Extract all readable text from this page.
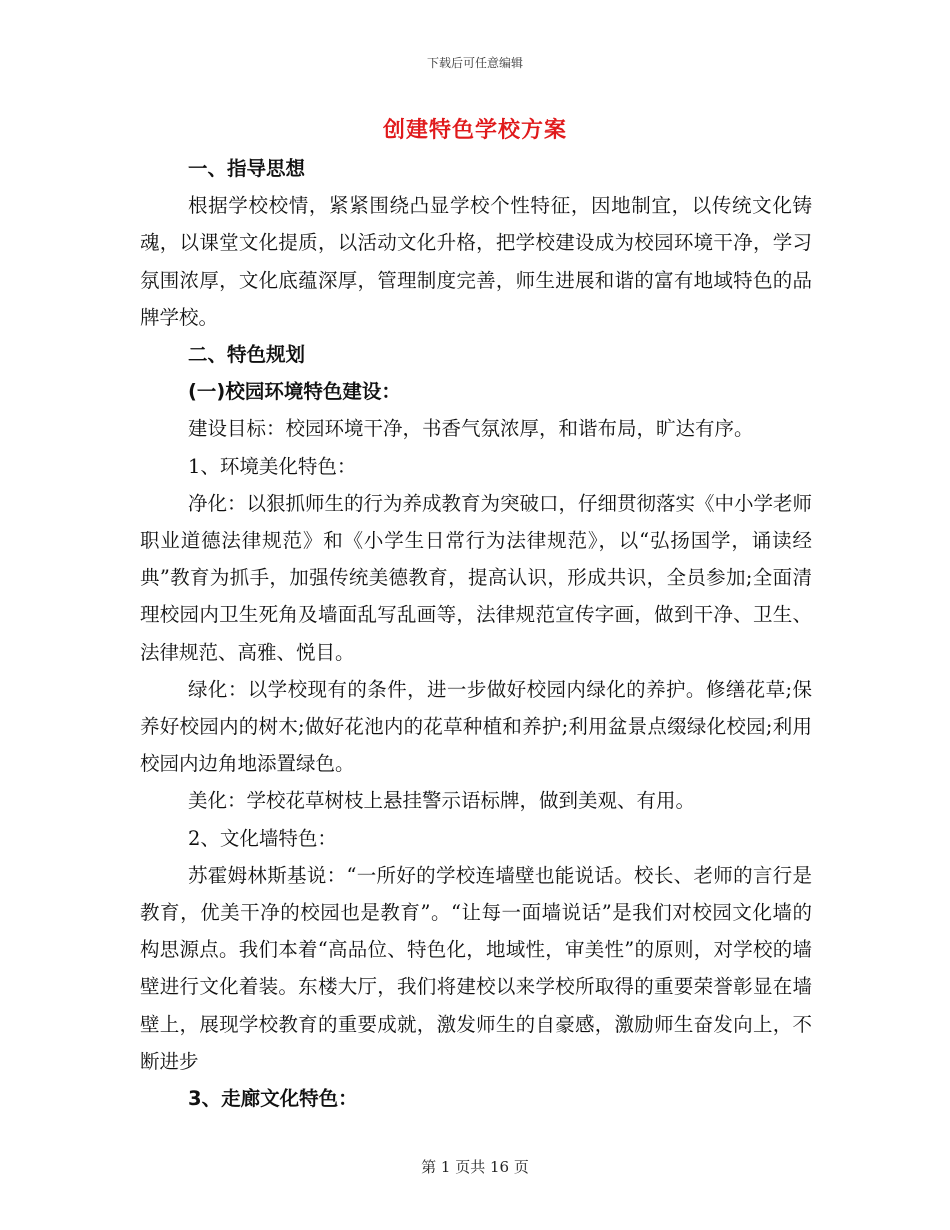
下载后可任意编辑
创建特色学校方案

一、指导思想

根据学校校情，紧紧围绕凸显学校个性特征，因地制宜，以传统文化铸魂，以课堂文化提质，以活动文化升格，把学校建设成为校园环境干净，学习氛围浓厚，文化底蕴深厚，管理制度完善，师生进展和谐的富有地域特色的品牌学校。

二、特色规划

(一)校园环境特色建设：

建设目标：校园环境干净，书香气氛浓厚，和谐布局，旷达有序。

1、环境美化特色：

净化：以狠抓师生的行为养成教育为突破口，仔细贯彻落实《中小学老师职业道德法律规范》和《小学生日常行为法律规范》，以“弘扬国学，诵读经典”教育为抓手，加强传统美德教育，提高认识，形成共识，全员参加;全面清理校园内卫生死角及墙面乱写乱画等，法律规范宣传字画，做到干净、卫生、法律规范、高雅、悦目。

绿化：以学校现有的条件，进一步做好校园内绿化的养护。修缮花草;保养好校园内的树木;做好花池内的花草种植和养护;利用盆景点缀绿化校园;利用校园内边角地添置绿色。

美化：学校花草树枝上悬挂警示语标牌，做到美观、有用。

2、文化墙特色：

苏霍姆林斯基说：“一所好的学校连墙壁也能说话。校长、老师的言行是教育，优美干净的校园也是教育”。“让每一面墙说话”是我们对校园文化墙的构思源点。我们本着“高品位、特色化，地域性，审美性”的原则，对学校的墙壁进行文化着装。东楼大厅，我们将建校以来学校所取得的重要荣誉彰显在墙壁上，展现学校教育的重要成就，激发师生的自豪感，激励师生奋发向上，不断进步

3、走廊文化特色：

第 1 页共 16 页
